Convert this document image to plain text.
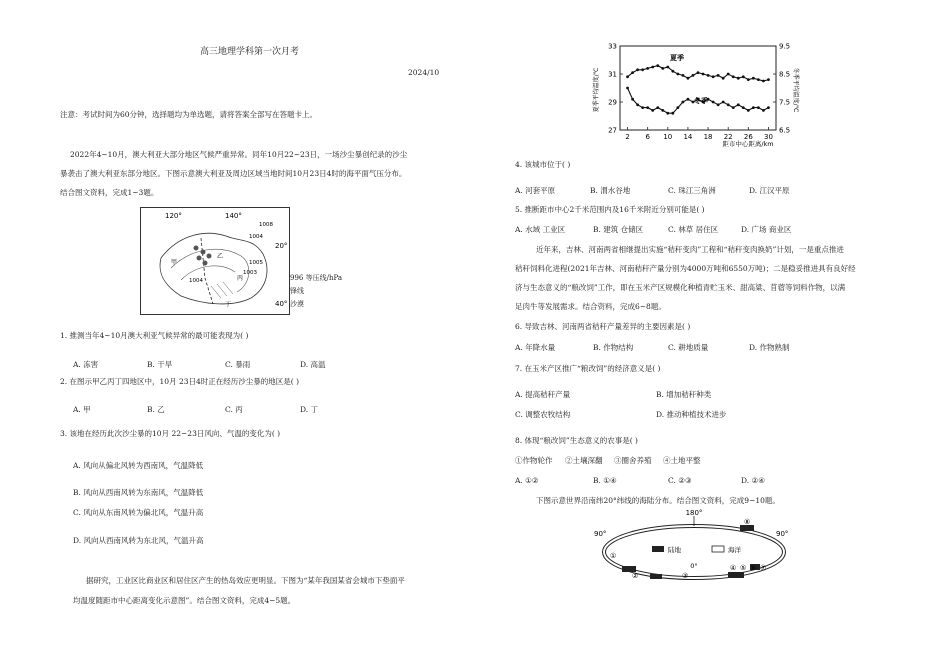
高三地理学科第一次月考
2024/10
注意：考试时间为60分钟，选择题均为单选题，请将答案全部写在答题卡上。
2022年4~10月，澳大利亚大部分地区气候严重异常。同年10月22~23日，一场沙尘暴创纪录的沙尘
暴袭击了澳大利亚东部分地区。下图示意澳大利亚及周边区域当地时间10月23日4时的海平面气压分布。
结合图文资料，完成1~3题。
120°	140°
20°
40°
1008
1004
1005
1003
1004
甲
乙
丙
丁
996 等压线/hPa
锋线
沙漠
1. 推测当年4~10月澳大利亚气候异常的最可能表现为( )
A. 冻害	B. 干旱	C. 暴雨	D. 高温
2. 在图示甲乙丙丁四地区中，10月 23日4时正在经历沙尘暴的地区是( )
A. 甲	B. 乙	C. 丙	D. 丁
3. 该地在经历此次沙尘暴的10月 22~23日风向、气温的变化为( )
A. 风向从偏北风转为西南风，气温降低
B. 风向从西南风转为东南风，气温降低
C. 风向从东南风转为偏北风，气温升高
D. 风向从西南风转为东北风，气温升高
据研究，工业区比商业区和居住区产生的热岛效应更明显。下图为“某年我国某省会城市下垫面平
均温度随距市中心距离变化示意图”。结合图文资料，完成4~5题。
27
29
31
33
6.5
7.5
8.5
9.5
2 6 10 14 18 22 26 30
距市中心距离/km
夏季平均温度/℃	冬季平均温度/℃
夏季
冬季
4. 该城市位于( )
A. 河套平原	B. 渭水谷地	C. 珠江三角洲	D. 江汉平原
5. 推断距市中心2千米范围内及16千米附近分别可能是( )
A. 水域 工业区	B. 建筑 仓储区	C. 林草 居住区	D. 广场 商业区
近年来，吉林、河南两省相继提出实施“秸秆变肉”工程和“秸秆变肉换奶”计划，一是重点推进
秸秆饲料化进程(2021年吉林、河南秸秆产量分别为4000万吨和6550万吨)；二是稳妥推进具有良好经
济与生态意义的“粮改饲”工作，即在玉米产区规模化种植青贮玉米、甜高粱、苜蓿等饲料作物，以满
足肉牛等发展需求。结合资料，完成6~8题。
6. 导致吉林、河南两省秸秆产量差异的主要因素是( )
A. 年降水量	B. 作物结构	C. 耕地质量	D. 作物熟制
7. 在玉米产区推广“粮改饲”的经济意义是( )
A. 提高秸秆产量	B. 增加秸秆种类
C. 调整农牧结构	D. 推动种植技术进步
8. 体现“粮改饲”生态意义的农事是( )
①作物轮作 ②土壤深翻 ③圈舍养殖 ④土地平整
A. ①②	B. ①④	C. ②③	D. ②④
下图示意世界沿南纬20°纬线的海陆分布。结合图文资料，完成9~10题。
180°
90°	90°
0°
陆地	海洋
①
②	③
④ ⑤ ⑥ ⑦
⑧
